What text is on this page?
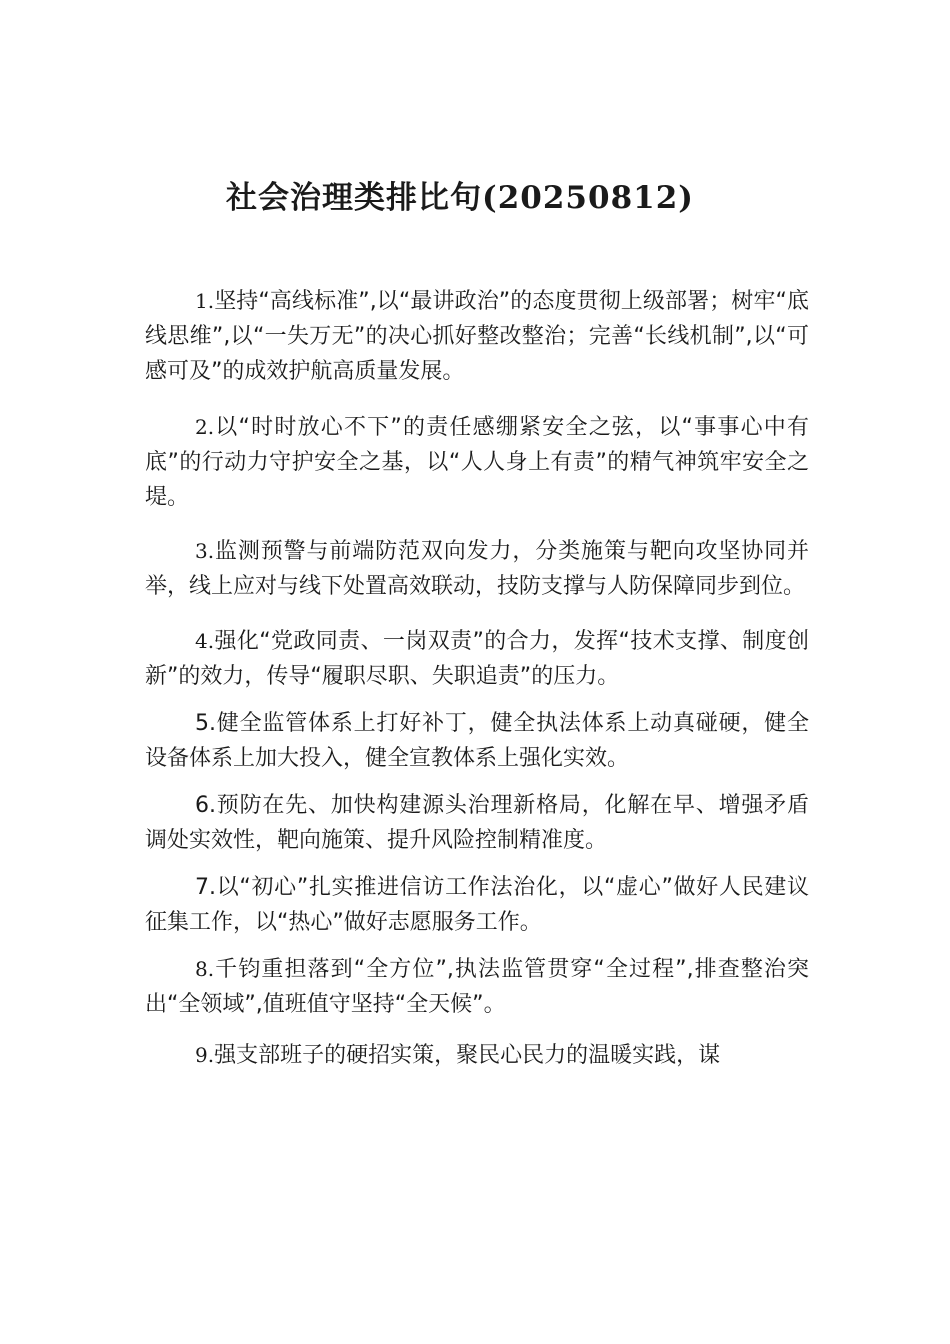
社会治理类排比句(20250812)

1.坚持“高线标准”,以“最讲政治”的态度贯彻上级部署；树牢“底线思维”,以“一失万无”的决心抓好整改整治；完善“长线机制”,以“可感可及”的成效护航高质量发展。

2.以“时时放心不下”的责任感绷紧安全之弦，以“事事心中有底”的行动力守护安全之基，以“人人身上有责”的精气神筑牢安全之堤。

3.监测预警与前端防范双向发力，分类施策与靶向攻坚协同并举，线上应对与线下处置高效联动，技防支撑与人防保障同步到位。

4.强化“党政同责、一岗双责”的合力，发挥“技术支撑、制度创新”的效力，传导“履职尽职、失职追责”的压力。

5.健全监管体系上打好补丁，健全执法体系上动真碰硬，健全设备体系上加大投入，健全宣教体系上强化实效。

6.预防在先、加快构建源头治理新格局，化解在早、增强矛盾调处实效性，靶向施策、提升风险控制精准度。

7.以“初心”扎实推进信访工作法治化，以“虚心”做好人民建议征集工作，以“热心”做好志愿服务工作。

8.千钧重担落到“全方位”,执法监管贯穿“全过程”,排查整治突出“全领域”,值班值守坚持“全天候”。

9.强支部班子的硬招实策，聚民心民力的温暖实践，谋
